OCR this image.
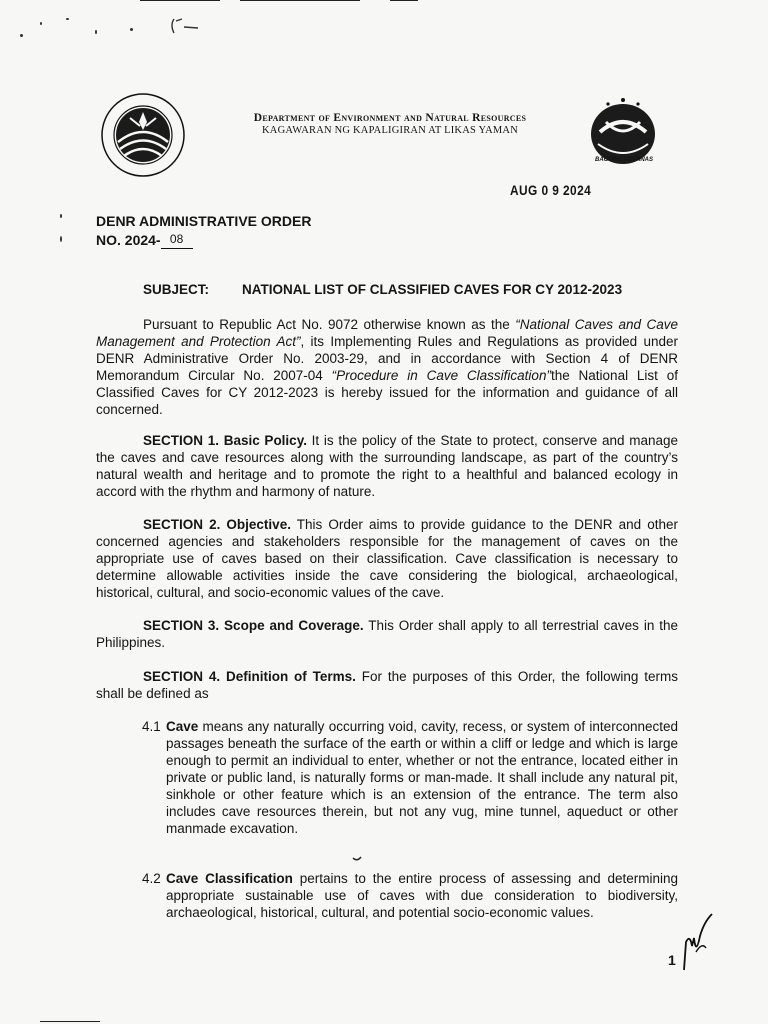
Department of Environment and Natural Resources
KAGAWARAN NG KAPALIGIRAN AT LIKAS YAMAN
BAGONG PILIPINAS
AUG 0 9 2024
DENR ADMINISTRATIVE ORDER
NO. 2024- 08
SUBJECT: NATIONAL LIST OF CLASSIFIED CAVES FOR CY 2012-2023
Pursuant to Republic Act No. 9072 otherwise known as the “National Caves and Cave Management and Protection Act”, its Implementing Rules and Regulations as provided under DENR Administrative Order No. 2003-29, and in accordance with Section 4 of DENR Memorandum Circular No. 2007-04 “Procedure in Cave Classification”the National List of Classified Caves for CY 2012-2023 is hereby issued for the information and guidance of all concerned.
SECTION 1. Basic Policy. It is the policy of the State to protect, conserve and manage the caves and cave resources along with the surrounding landscape, as part of the country’s natural wealth and heritage and to promote the right to a healthful and balanced ecology in accord with the rhythm and harmony of nature.
SECTION 2. Objective. This Order aims to provide guidance to the DENR and other concerned agencies and stakeholders responsible for the management of caves on the appropriate use of caves based on their classification. Cave classification is necessary to determine allowable activities inside the cave considering the biological, archaeological, historical, cultural, and socio-economic values of the cave.
SECTION 3. Scope and Coverage. This Order shall apply to all terrestrial caves in the Philippines.
SECTION 4. Definition of Terms. For the purposes of this Order, the following terms shall be defined as
4.1 Cave means any naturally occurring void, cavity, recess, or system of interconnected passages beneath the surface of the earth or within a cliff or ledge and which is large enough to permit an individual to enter, whether or not the entrance, located either in private or public land, is naturally forms or man-made. It shall include any natural pit, sinkhole or other feature which is an extension of the entrance. The term also includes cave resources therein, but not any vug, mine tunnel, aqueduct or other manmade excavation.
4.2 Cave Classification pertains to the entire process of assessing and determining appropriate sustainable use of caves with due consideration to biodiversity, archaeological, historical, cultural, and potential socio-economic values.
1
